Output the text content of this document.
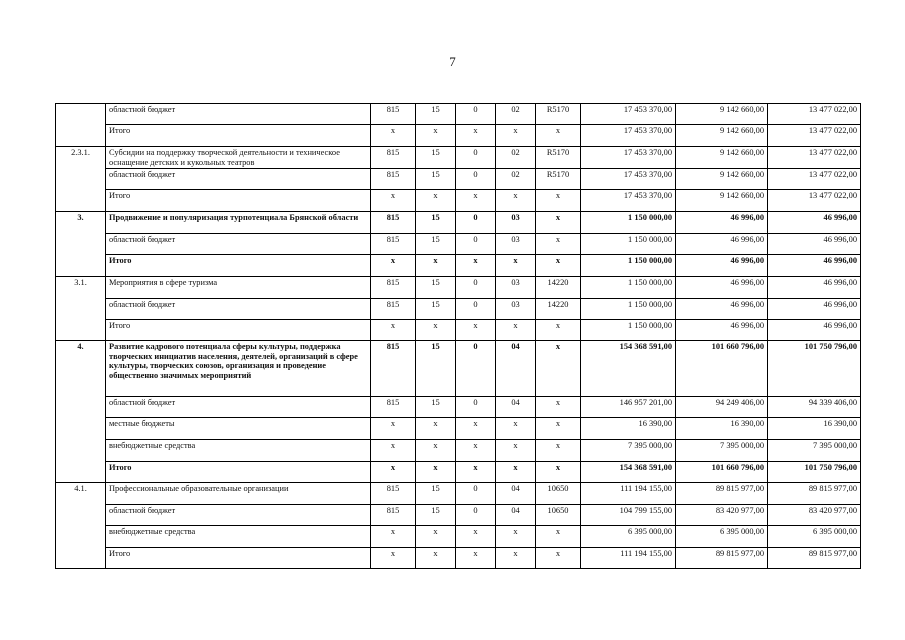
7
	областной бюджет	815	15	0	02	R5170	17 453 370,00	9 142 660,00	13 477 022,00
	Итого	x	x	x	x	x	17 453 370,00	9 142 660,00	13 477 022,00
2.3.1.	Субсидии на поддержку творческой деятельности и техническое оснащение детских и кукольных театров	815	15	0	02	R5170	17 453 370,00	9 142 660,00	13 477 022,00
	областной бюджет	815	15	0	02	R5170	17 453 370,00	9 142 660,00	13 477 022,00
	Итого	x	x	x	x	x	17 453 370,00	9 142 660,00	13 477 022,00
3.	Продвижение и популяризация турпотенциала Брянской области	815	15	0	03	x	1 150 000,00	46 996,00	46 996,00
	областной бюджет	815	15	0	03	x	1 150 000,00	46 996,00	46 996,00
	Итого	x	x	x	x	x	1 150 000,00	46 996,00	46 996,00
3.1.	Мероприятия в сфере туризма	815	15	0	03	14220	1 150 000,00	46 996,00	46 996,00
	областной бюджет	815	15	0	03	14220	1 150 000,00	46 996,00	46 996,00
	Итого	x	x	x	x	x	1 150 000,00	46 996,00	46 996,00
4.	Развитие кадрового потенциала сферы культуры, поддержка творческих инициатив населения, деятелей, организаций в сфере культуры, творческих союзов, организация и проведение общественно значимых мероприятий	815	15	0	04	x	154 368 591,00	101 660 796,00	101 750 796,00
	областной бюджет	815	15	0	04	x	146 957 201,00	94 249 406,00	94 339 406,00
	местные бюджеты	x	x	x	x	x	16 390,00	16 390,00	16 390,00
	внебюджетные средства	x	x	x	x	x	7 395 000,00	7 395 000,00	7 395 000,00
	Итого	x	x	x	x	x	154 368 591,00	101 660 796,00	101 750 796,00
4.1.	Профессиональные образовательные организации	815	15	0	04	10650	111 194 155,00	89 815 977,00	89 815 977,00
	областной бюджет	815	15	0	04	10650	104 799 155,00	83 420 977,00	83 420 977,00
	внебюджетные средства	x	x	x	x	x	6 395 000,00	6 395 000,00	6 395 000,00
	Итого	x	x	x	x	x	111 194 155,00	89 815 977,00	89 815 977,00
